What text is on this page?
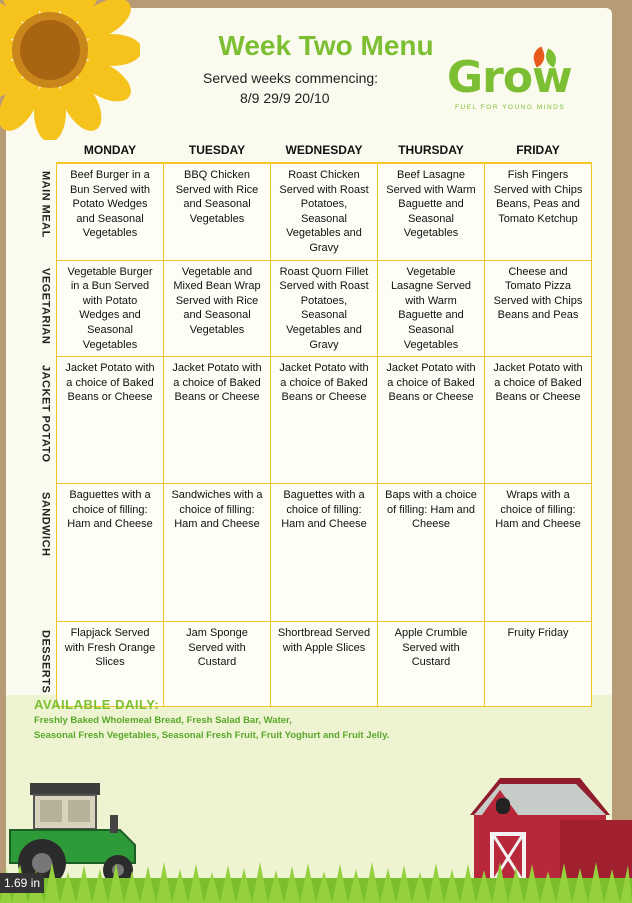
Week Two Menu
Served weeks commencing:
8/9 29/9 20/10	Grow
FUEL FOR YOUNG MINDS
	MONDAY	TUESDAY	WEDNESDAY	THURSDAY	FRIDAY

MAIN MEAL	Beef Burger in a Bun Served with Potato Wedges and Seasonal Vegetables	BBQ Chicken Served with Rice and Seasonal Vegetables	Roast Chicken Served with Roast Potatoes, Seasonal Vegetables and Gravy	Beef Lasagne Served with Warm Baguette and Seasonal Vegetables	Fish Fingers Served with Chips Beans, Peas and Tomato Ketchup

VEGETARIAN	Vegetable Burger in a Bun Served with Potato Wedges and Seasonal Vegetables	Vegetable and Mixed Bean Wrap Served with Rice and Seasonal Vegetables	Roast Quorn Fillet Served with Roast Potatoes, Seasonal Vegetables and Gravy	Vegetable Lasagne Served with Warm Baguette and Seasonal Vegetables	Cheese and Tomato Pizza Served with Chips Beans and Peas

JACKET POTATO	Jacket Potato with a choice of Baked Beans or Cheese	Jacket Potato with a choice of Baked Beans or Cheese	Jacket Potato with a choice of Baked Beans or Cheese	Jacket Potato with a choice of Baked Beans or Cheese	Jacket Potato with a choice of Baked Beans or Cheese

SANDWICH	Baguettes with a choice of filling: Ham and Cheese	Sandwiches with a choice of filling: Ham and Cheese	Baguettes with a choice of filling: Ham and Cheese	Baps with a choice of filling: Ham and Cheese	Wraps with a choice of filling: Ham and Cheese

DESSERTS	Flapjack Served with Fresh Orange Slices	Jam Sponge Served with Custard	Shortbread Served with Apple Slices	Apple Crumble Served with Custard	Fruity Friday
AVAILABLE DAILY:
Freshly Baked Wholemeal Bread, Fresh Salad Bar, Water,
Seasonal Fresh Vegetables, Seasonal Fresh Fruit, Fruit Yoghurt and Fruit Jelly.
1.69 in
